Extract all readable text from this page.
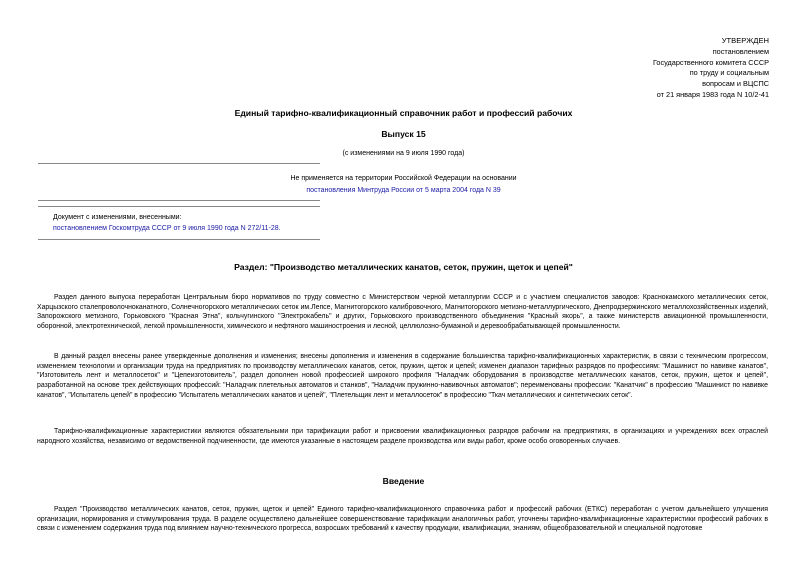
УТВЕРЖДЕН
постановлением
Государственного комитета СССР
по труду и социальным
вопросам и ВЦСПС
от 21 января 1983 года N 10/2-41
Единый тарифно-квалификационный справочник работ и профессий рабочих
Выпуск 15
(с изменениями на 9 июля 1990 года)
Не применяется на территории Российской Федерации на основании
постановления Минтруда России от 5 марта 2004 года N 39
Документ с изменениями, внесенными:
постановлением Госкомтруда СССР от 9 июля 1990 года N 272/11-28.
Раздел: "Производство металлических канатов, сеток, пружин, щеток и цепей"
Раздел данного выпуска переработан Центральным бюро нормативов по труду совместно с Министерством черной металлургии СССР и с участием специалистов заводов: Краснокамского металлических сеток, Харцызского сталепроволочноканатного, Солнечногорского металлических сеток им.Лепсе, Магнитогорского калибровочного, Магнитогорского метизно-металлургического, Днепродзержинского металлохозяйственных изделий, Запорожского метизного, Горьковского "Красная Этна", кольчугинского "Электрокабель" и других, Горьковского производственного объединения "Красный якорь", а также министерств авиационной промышленности, оборонной, электротехнической, легкой промышленности, химического и нефтяного машиностроения и лесной, целлюлозно-бумажной и деревообрабатывающей промышленности.
В данный раздел внесены ранее утвержденные дополнения и изменения; внесены дополнения и изменения в содержание большинства тарифно-квалификационных характеристик, в связи с техническим прогрессом, изменением технологии и организации труда на предприятиях по производству металлических канатов, сеток, пружин, щеток и цепей; изменен диапазон тарифных разрядов по профессиям: "Машинист по навивке канатов", "Изготовитель лент и металлосеток" и "Цепеизготовитель", раздел дополнен новой профессией широкого профиля "Наладчик оборудования в производстве металлических канатов, сеток, пружин, щеток и цепей", разработанной на основе трех действующих профессий: "Наладчик плетельных автоматов и станков", "Наладчик пружинно-навивочных автоматов"; переименованы профессии: "Канатчик" в профессию "Машинист по навивке канатов", "Испытатель цепей" в профессию "Испытатель металлических канатов и цепей", "Плетельщик лент и металлосеток" в профессию "Ткач металлических и синтетических сеток".
Тарифно-квалификационные характеристики являются обязательными при тарификации работ и присвоении квалификационных разрядов рабочим на предприятиях, в организациях и учреждениях всех отраслей народного хозяйства, независимо от ведомственной подчиненности, где имеются указанные в настоящем разделе производства или виды работ, кроме особо оговоренных случаев.
Введение
Раздел "Производство металлических канатов, сеток, пружин, щеток и цепей" Единого тарифно-квалификационного справочника работ и профессий рабочих (ЕТКС) переработан с учетом дальнейшего улучшения организации, нормирования и стимулирования труда. В разделе осуществлено дальнейшее совершенствование тарификации аналогичных работ, уточнены тарифно-квалификационные характеристики профессий рабочих в связи с изменением содержания труда под влиянием научно-технического прогресса, возросших требований к качеству продукции, квалификации, знаниям, общеобразовательной и специальной подготовке
